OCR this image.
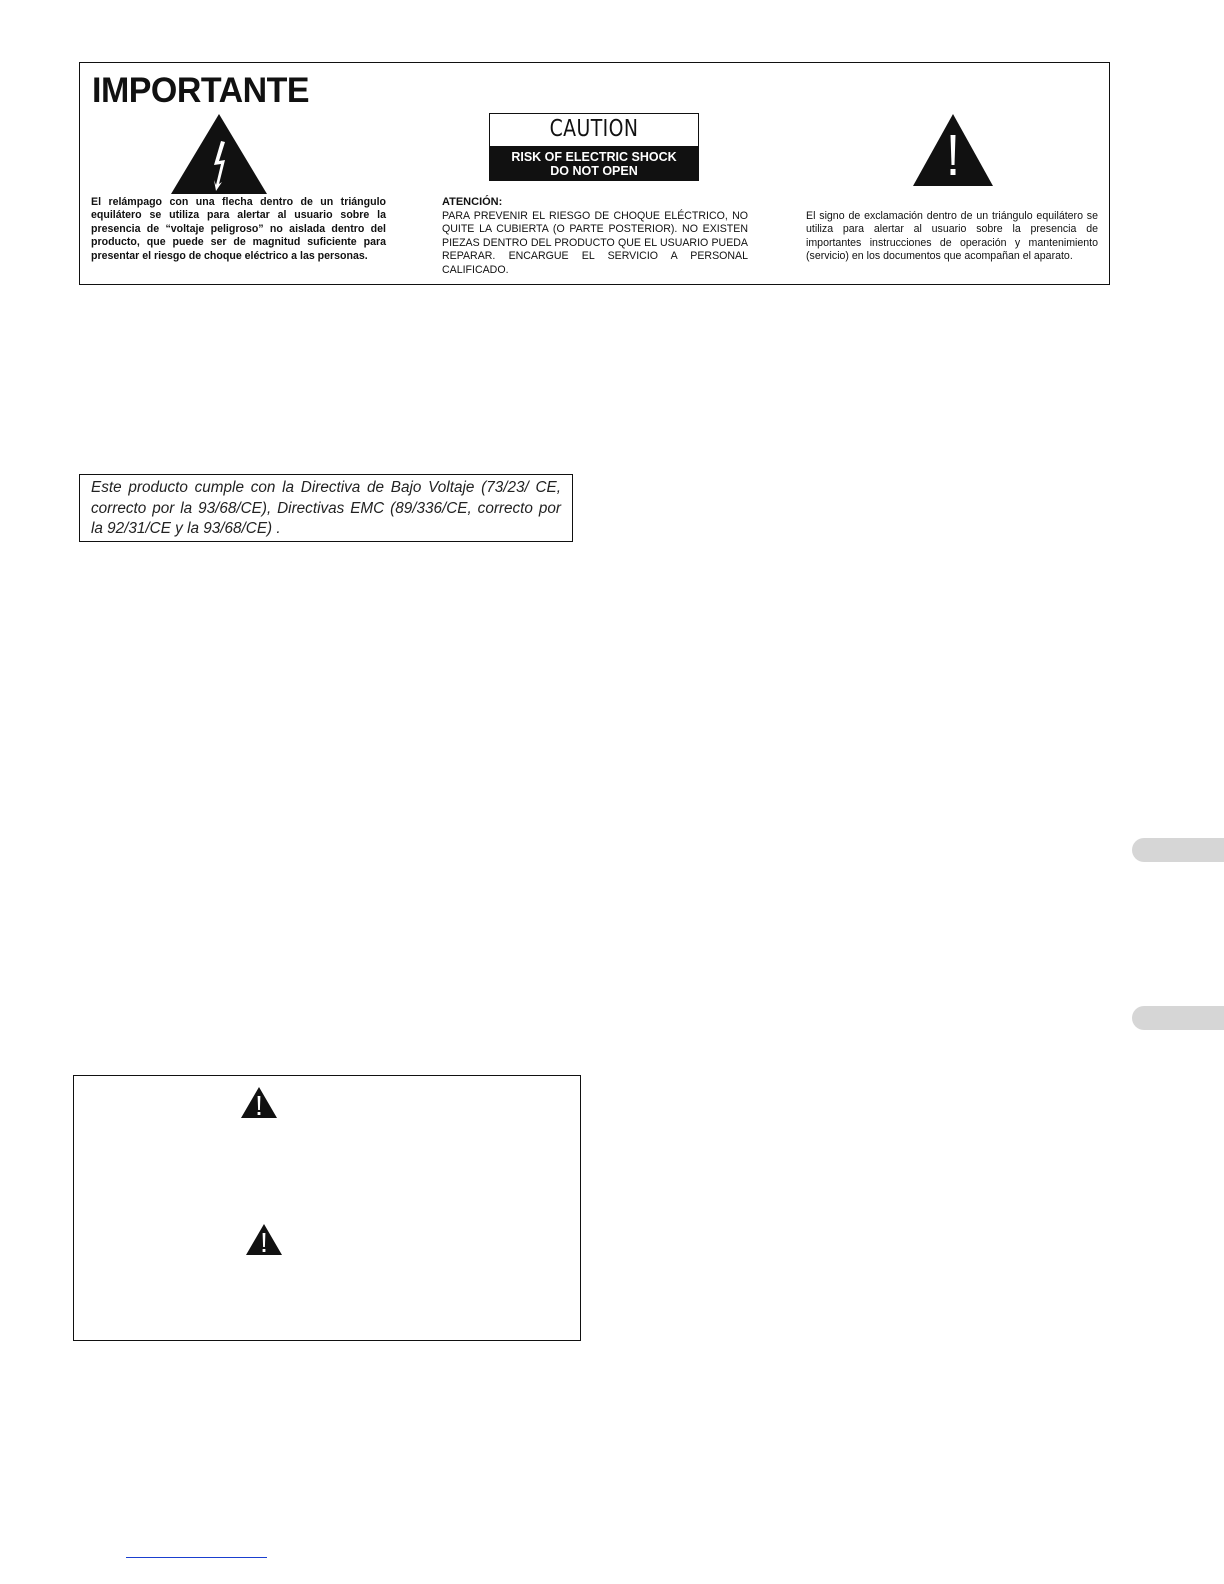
IMPORTANTE
CAUTION
RISK OF ELECTRIC SHOCK
DO NOT OPEN
El relámpago con una flecha dentro de un triángulo equilátero se utiliza para alertar al usuario sobre la presencia de “voltaje peligroso” no aislada dentro del producto, que puede ser de magnitud suficiente para presentar el riesgo de choque eléctrico a las personas.
ATENCIÓN:
PARA PREVENIR EL RIESGO DE CHOQUE ELÉCTRICO, NO QUITE LA CUBIERTA (O PARTE POSTERIOR). NO EXISTEN PIEZAS DENTRO DEL PRODUCTO QUE EL USUARIO PUEDA REPARAR. ENCARGUE EL SERVICIO A PERSONAL CALIFICADO.
El signo de exclamación dentro de un triángulo equilátero se utiliza para alertar al usuario sobre la presencia de importantes instrucciones de operación y mantenimiento (servicio) en los documentos que acompañan el aparato.
Este producto cumple con la Directiva de Bajo Voltaje (73/23/ CE, correcto por la 93/68/CE), Directivas EMC (89/336/CE, correcto por la 92/31/CE y la 93/68/CE) .
